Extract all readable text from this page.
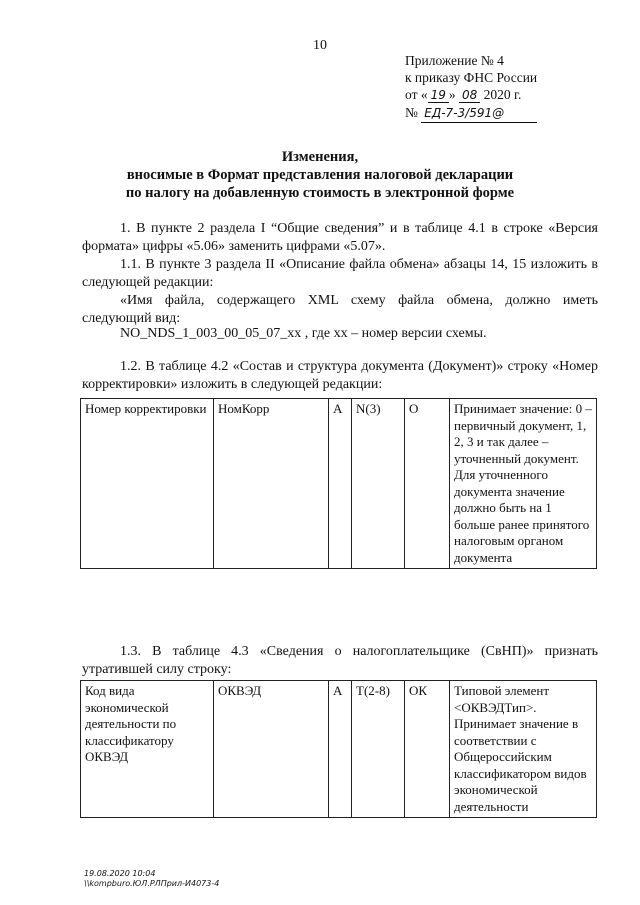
10
Приложение № 4
к приказу ФНС России
от « 19 » 08 2020 г.
№ ЕД-7-3/591@
Изменения,
вносимые в Формат представления налоговой декларации
по налогу на добавленную стоимость в электронной форме
1. В пункте 2 раздела I “Общие сведения” и в таблице 4.1 в строке «Версия формата» цифры «5.06» заменить цифрами «5.07».
1.1. В пункте 3 раздела II «Описание файла обмена» абзацы 14, 15 изложить в следующей редакции:
«Имя файла, содержащего XML схему файла обмена, должно иметь следующий вид:
NO_NDS_1_003_00_05_07_xx , где xx – номер версии схемы.
1.2. В таблице 4.2 «Состав и структура документа (Документ)» строку «Номер корректировки» изложить в следующей редакции:
Номер корректировки	НомКорр	А	N(3)	О	Принимает значение: 0 – первичный документ, 1, 2, 3 и так далее – уточненный документ. Для уточненного документа значение должно быть на 1 больше ранее принятого налоговым органом документа
1.3. В таблице 4.3 «Сведения о налогоплательщике (СвНП)» признать утратившей силу строку:
Код вида экономической деятельности по классификатору ОКВЭД	ОКВЭД	А	T(2-8)	ОК	Типовой элемент <ОКВЭДТип>. Принимает значение в соответствии с Общероссийским классификатором видов экономической деятельности
19.08.2020 10:04
\\kompburo.ЮЛ.РЛПрил-И4073-4
